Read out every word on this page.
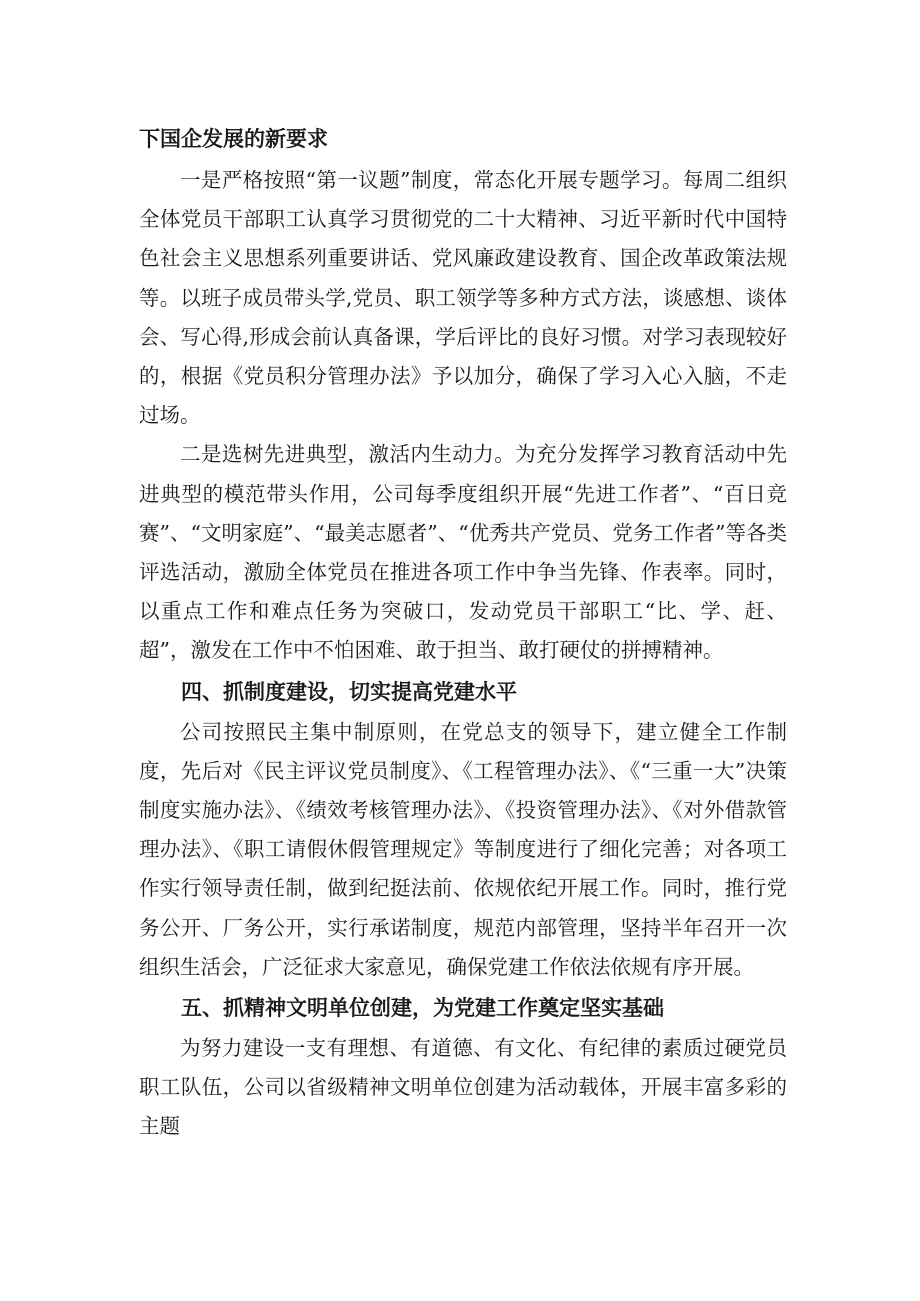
下国企发展的新要求

一是严格按照“第一议题”制度，常态化开展专题学习。每周二组织全体党员干部职工认真学习贯彻党的二十大精神、习近平新时代中国特色社会主义思想系列重要讲话、党风廉政建设教育、国企改革政策法规等。以班子成员带头学,党员、职工领学等多种方式方法，谈感想、谈体会、写心得,形成会前认真备课，学后评比的良好习惯。对学习表现较好的，根据《党员积分管理办法》予以加分，确保了学习入心入脑，不走过场。

二是选树先进典型，激活内生动力。为充分发挥学习教育活动中先进典型的模范带头作用，公司每季度组织开展“先进工作者”、“百日竞赛”、“文明家庭”、“最美志愿者”、“优秀共产党员、党务工作者”等各类评选活动，激励全体党员在推进各项工作中争当先锋、作表率。同时，以重点工作和难点任务为突破口，发动党员干部职工“比、学、赶、超”，激发在工作中不怕困难、敢于担当、敢打硬仗的拼搏精神。

四、抓制度建设，切实提高党建水平

公司按照民主集中制原则，在党总支的领导下，建立健全工作制度，先后对《民主评议党员制度》、《工程管理办法》、《“三重一大”决策制度实施办法》、《绩效考核管理办法》、《投资管理办法》、《对外借款管理办法》、《职工请假休假管理规定》等制度进行了细化完善；对各项工作实行领导责任制，做到纪挺法前、依规依纪开展工作。同时，推行党务公开、厂务公开，实行承诺制度，规范内部管理，坚持半年召开一次组织生活会，广泛征求大家意见，确保党建工作依法依规有序开展。

五、抓精神文明单位创建，为党建工作奠定坚实基础

为努力建设一支有理想、有道德、有文化、有纪律的素质过硬党员职工队伍，公司以省级精神文明单位创建为活动载体，开展丰富多彩的主题
